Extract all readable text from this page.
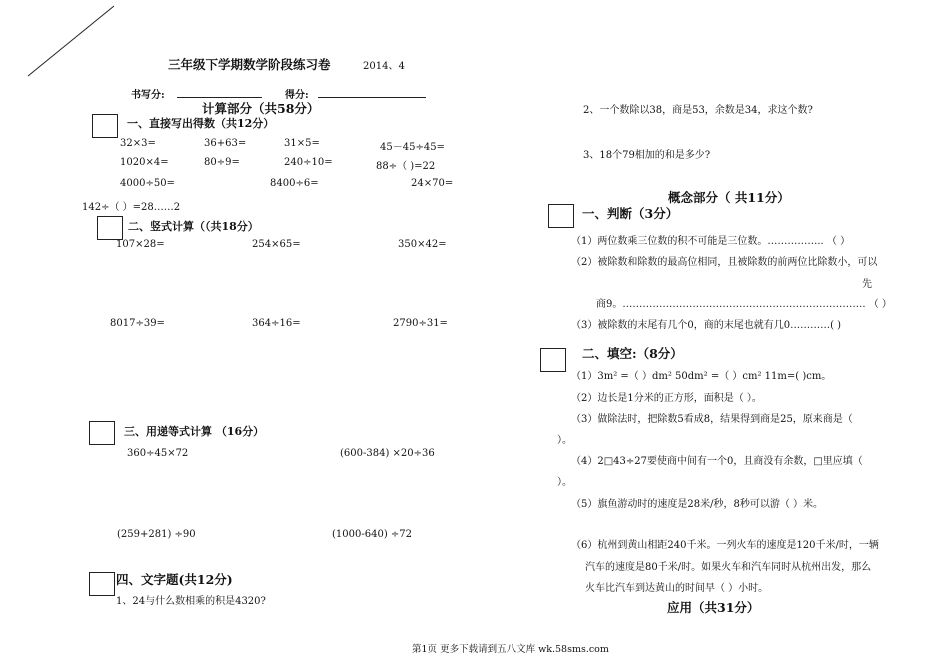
三年级下学期数学阶段练习卷	2014、4
书写分:	得分:
计算部分（共58分）
一、直接写出得数（共12分）
32×3=	36+63=	31×5=	45－45÷45=
1020×4=	80÷9=	240÷10=	88÷（ )=22
4000÷50=	8400÷6=	24×70=
142÷（ ）=28……2
二、竖式计算（（共18分）
107×28=	254×65=	350×42=
8017÷39=	364÷16=	2790÷31=
三、用递等式计算 （16分）
360÷45×72	(600-384) ×20÷36
(259+281) ÷90	(1000-640) ÷72
四、文字题(共12分)
1、24与什么数相乘的积是4320?
2、一个数除以38，商是53，余数是34，求这个数?
3、18个79相加的和是多少?
概念部分（ 共11分）
一、判断（3分）
（1）两位数乘三位数的积不可能是三位数。…………….. （ ）
（2）被除数和除数的最高位相同，且被除数的前两位比除数小，可以
先
商9。………………………………………………………………. （ ）
（3）被除数的末尾有几个0，商的末尾也就有几0…………( )
二、填空:（8分）
（1）3m² =（ ）dm² 50dm² =（ ）cm² 11m=( )cm。
（2）边长是1分米的正方形，面积是（ ）。
（3）做除法时，把除数5看成8，结果得到商是25，原来商是（
）。
（4）2□43÷27要使商中间有一个0，且商没有余数，□里应填（
）。
（5）旗鱼游动时的速度是28米/秒，8秒可以游（ ）米。
（6）杭州到黄山相距240千米。一列火车的速度是120千米/时，一辆
汽车的速度是80千米/时。如果火车和汽车同时从杭州出发，那么
火车比汽车到达黄山的时间早（ ）小时。
应用（共31分）
第1页 更多下载请到五八文库 wk.58sms.com
